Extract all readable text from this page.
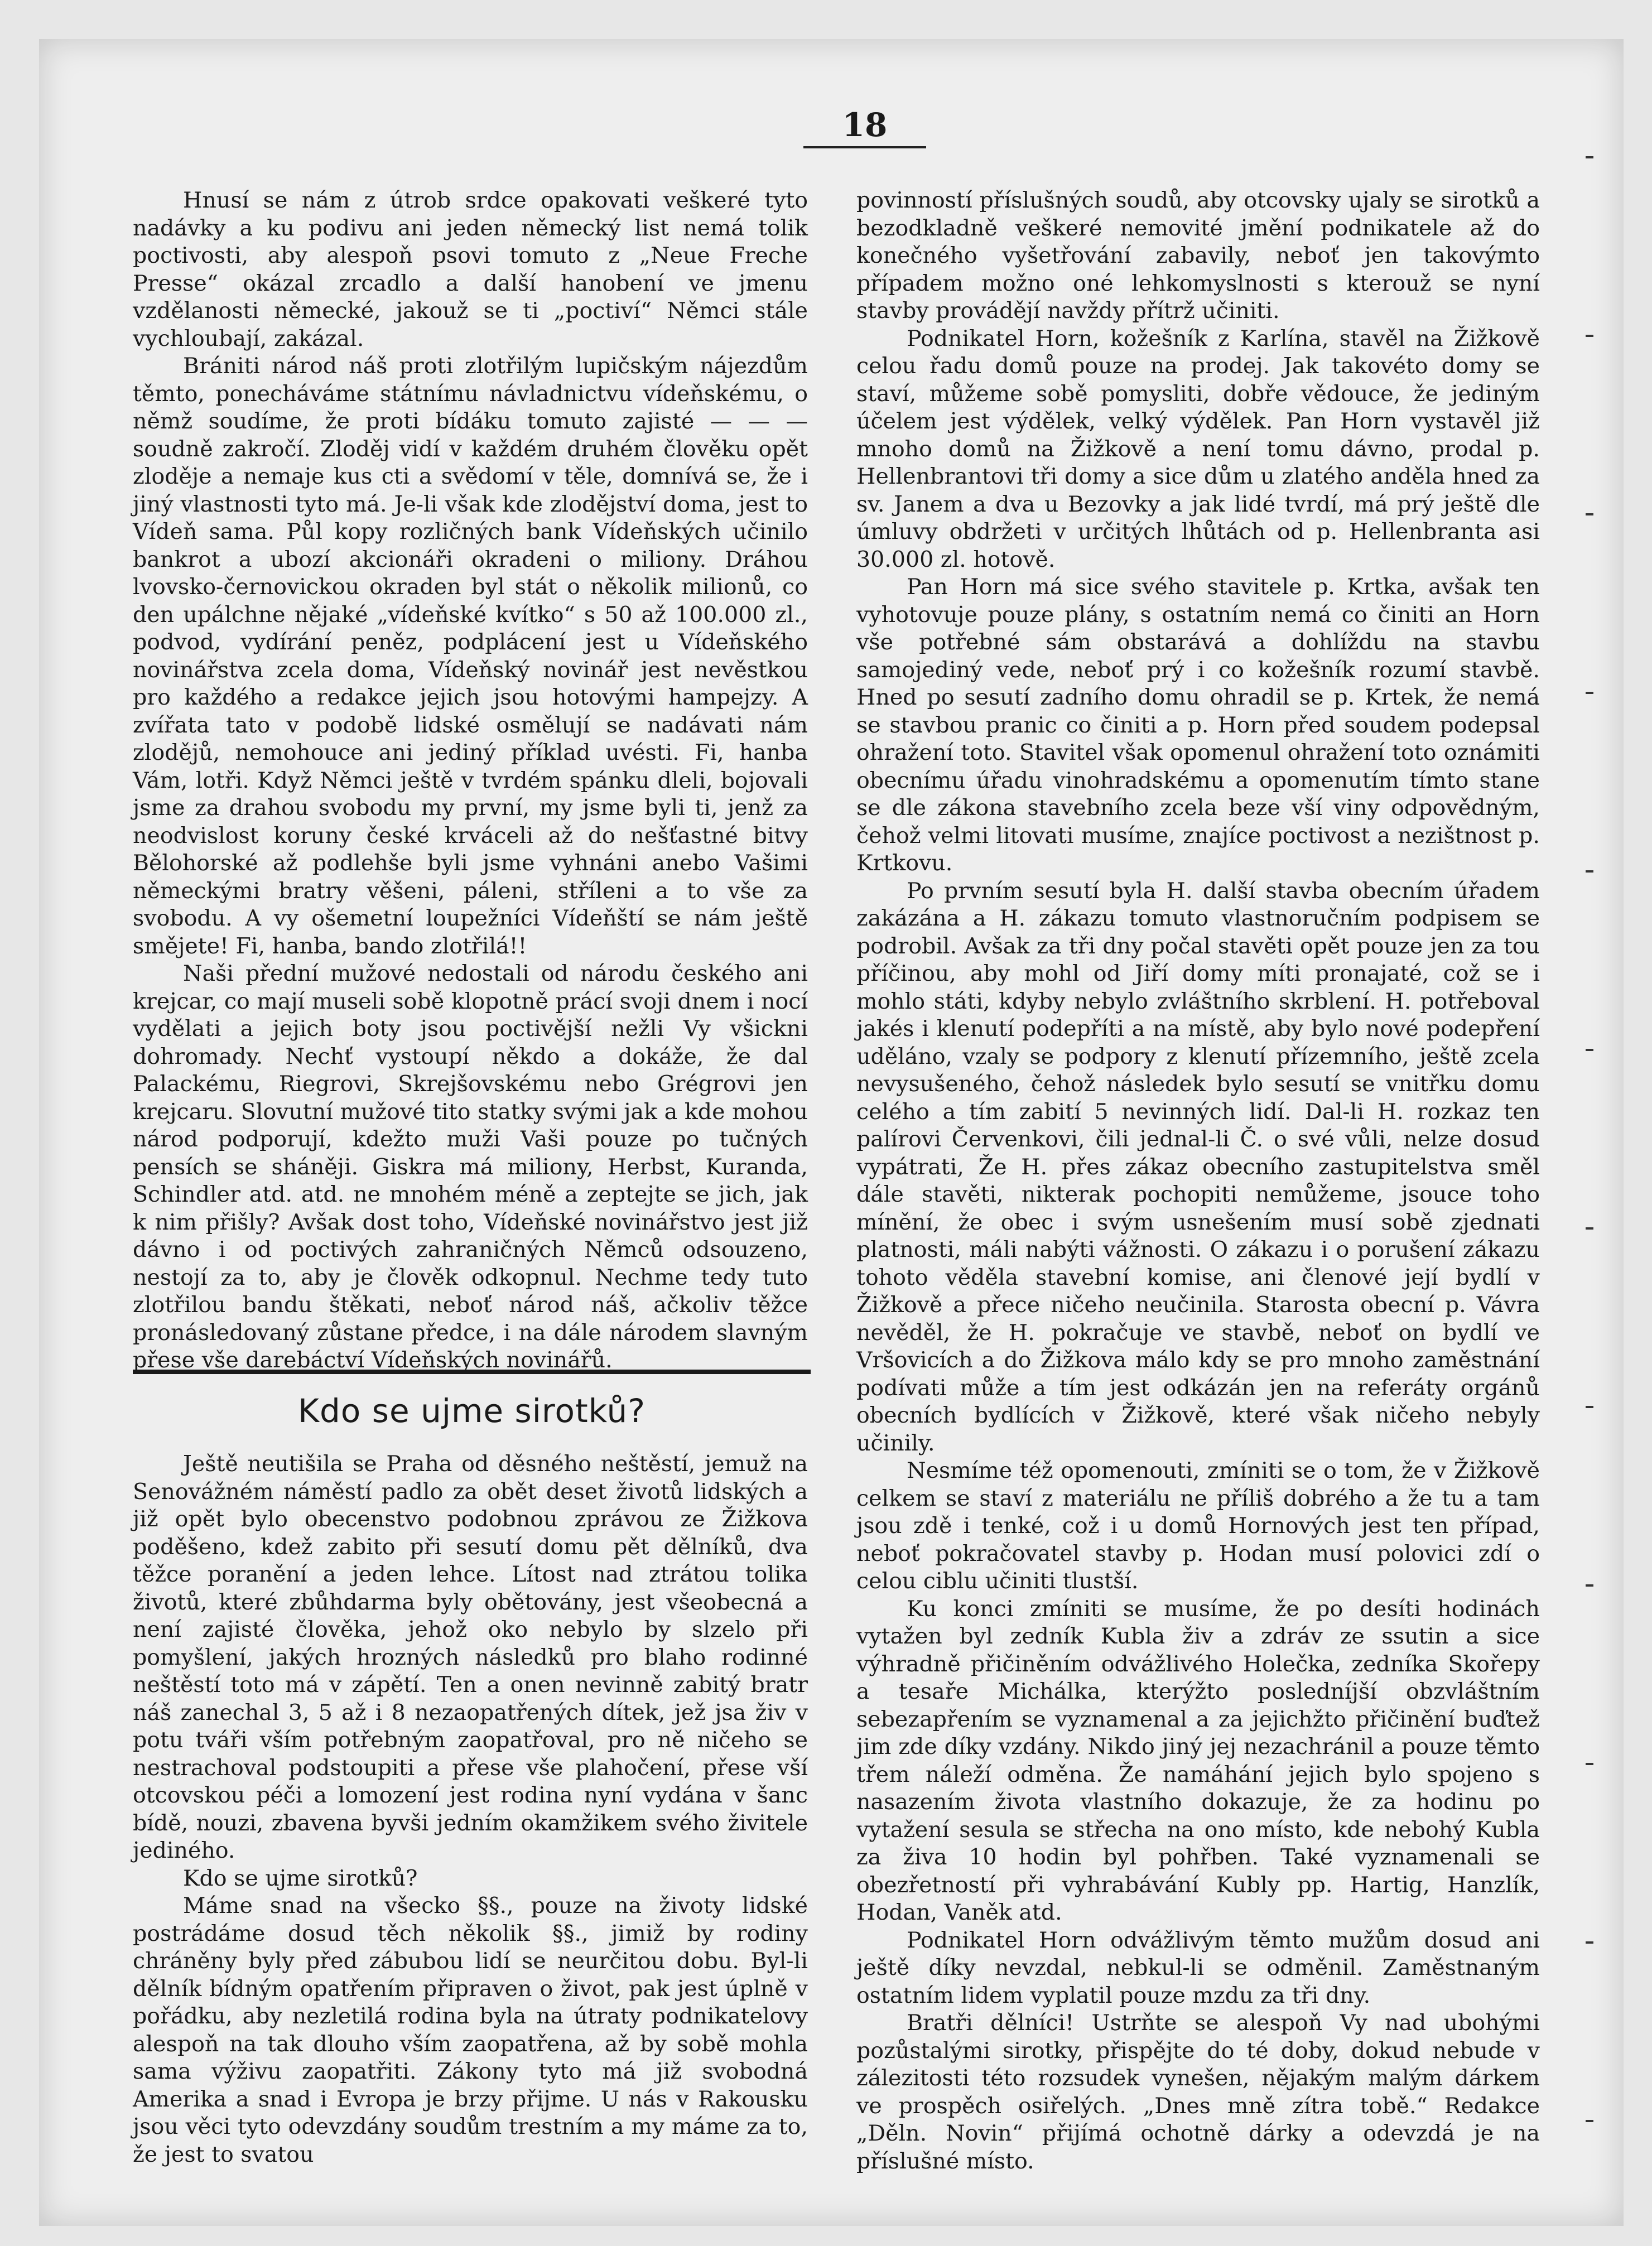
18

Hnusí se nám z útrob srdce opakovati veškeré tyto nadávky a ku podivu ani jeden německý list nemá tolik poctivosti, aby alespoň psovi tomuto z „Neue Freche Presse“ okázal zrcadlo a další hanobení ve jmenu vzdělanosti německé, jakouž se ti „poctiví“ Němci stále vychloubají, zakázal.

Brániti národ náš proti zlotřilým lupičským nájezdům těmto, ponecháváme státnímu návladnictvu vídeňskému, o němž soudíme, že proti bídáku tomuto zajisté — — — soudně zakročí. Zloděj vidí v každém druhém člověku opět zloděje a nemaje kus cti a svědomí v těle, domnívá se, že i jiný vlastnosti tyto má. Je-li však kde zlodějství doma, jest to Vídeň sama. Půl kopy rozličných bank Vídeňských učinilo bankrot a ubozí akcionáři okradeni o miliony. Dráhou lvovsko-černovickou okraden byl stát o několik milionů, co den upálchne nějaké „vídeňské kvítko“ s 50 až 100.000 zl., podvod, vydírání peněz, podplácení jest u Vídeňského novinářstva zcela doma, Vídeňský novinář jest nevěstkou pro každého a redakce jejich jsou hotovými hampejzy. A zvířata tato v podobě lidské osmělují se nadávati nám zlodějů, nemohouce ani jediný příklad uvésti. Fi, hanba Vám, lotři. Když Němci ještě v tvrdém spánku dleli, bojovali jsme za drahou svobodu my první, my jsme byli ti, jenž za neodvislost koruny české krváceli až do nešťastné bitvy Bělohorské až podlehše byli jsme vyhnáni anebo Vašimi německými bratry věšeni, páleni, stříleni a to vše za svobodu. A vy ošemetní loupežníci Vídeňští se nám ještě smějete! Fi, hanba, bando zlotřilá!!

Naši přední mužové nedostali od národu českého ani krejcar, co mají museli sobě klopotně prácí svoji dnem i nocí vydělati a jejich boty jsou poctivější nežli Vy všickni dohromady. Nechť vystoupí někdo a dokáže, že dal Palackému, Riegrovi, Skrejšovskému nebo Grégrovi jen krejcaru. Slovutní mužové tito statky svými jak a kde mohou národ podporují, kdežto muži Vaši pouze po tučných pensích se sháněji. Giskra má miliony, Herbst, Kuranda, Schindler atd. atd. ne mnohém méně a zeptejte se jich, jak k nim přišly? Avšak dost toho, Vídeňské novinářstvo jest již dávno i od poctivých zahraničných Němců odsouzeno, nestojí za to, aby je člověk odkopnul. Nechme tedy tuto zlotřilou bandu štěkati, neboť národ náš, ačkoliv těžce pronásledovaný zůstane předce, i na dále národem slavným přese vše darebáctví Vídeňských novinářů.

Kdo se ujme sirotků?

Ještě neutišila se Praha od děsného neštěstí, jemuž na Senovážném náměstí padlo za obět deset životů lidských a již opět bylo obecenstvo podobnou zprávou ze Žižkova poděšeno, kdež zabito při sesutí domu pět dělníků, dva těžce poranění a jeden lehce. Lítost nad ztrátou tolika životů, které zbůhdarma byly obětovány, jest všeobecná a není zajisté člověka, jehož oko nebylo by slzelo při pomyšlení, jakých hrozných následků pro blaho rodinné neštěstí toto má v zápětí. Ten a onen nevinně zabitý bratr náš zanechal 3, 5 až i 8 nezaopatřených dítek, jež jsa živ v potu tváři vším potřebným zaopatřoval, pro ně ničeho se nestrachoval podstoupiti a přese vše plahočení, přese vší otcovskou péči a lomození jest rodina nyní vydána v šanc bídě, nouzi, zbavena byvši jedním okamžikem svého živitele jediného.

Kdo se ujme sirotků?

Máme snad na všecko §§., pouze na životy lidské postrádáme dosud těch několik §§., jimiž by rodiny chráněny byly před zábubou lidí se neurčitou dobu. Byl-li dělník bídným opatřením připraven o život, pak jest úplně v pořádku, aby nezletilá rodina byla na útraty podnikatelovy alespoň na tak dlouho vším zaopatřena, až by sobě mohla sama výživu zaopatřiti. Zákony tyto má již svobodná Amerika a snad i Evropa je brzy přijme. U nás v Rakousku jsou věci tyto odevzdány soudům trestním a my máme za to, že jest to svatou

povinností příslušných soudů, aby otcovsky ujaly se sirotků a bezodkladně veškeré nemovité jmění podnikatele až do konečného vyšetřování zabavily, neboť jen takovýmto případem možno oné lehkomyslnosti s kterouž se nyní stavby provádějí navždy přítrž učiniti.

Podnikatel Horn, kožešník z Karlína, stavěl na Žižkově celou řadu domů pouze na prodej. Jak takovéto domy se staví, můžeme sobě pomysliti, dobře vědouce, že jediným účelem jest výdělek, velký výdělek. Pan Horn vystavěl již mnoho domů na Žižkově a není tomu dávno, prodal p. Hellenbrantovi tři domy a sice dům u zlatého anděla hned za sv. Janem a dva u Bezovky a jak lidé tvrdí, má prý ještě dle úmluvy obdržeti v určitých lhůtách od p. Hellenbranta asi 30.000 zl. hotově.

Pan Horn má sice svého stavitele p. Krtka, avšak ten vyhotovuje pouze plány, s ostatním nemá co činiti an Horn vše potřebné sám obstarává a dohlíždu na stavbu samojediný vede, neboť prý i co kožešník rozumí stavbě. Hned po sesutí zadního domu ohradil se p. Krtek, že nemá se stavbou pranic co činiti a p. Horn před soudem podepsal ohražení toto. Stavitel však opomenul ohražení toto oznámiti obecnímu úřadu vinohradskému a opomenutím tímto stane se dle zákona stavebního zcela beze vší viny odpovědným, čehož velmi litovati musíme, znajíce poctivost a nezištnost p. Krtkovu.

Po prvním sesutí byla H. další stavba obecním úřadem zakázána a H. zákazu tomuto vlastnoručním podpisem se podrobil. Avšak za tři dny počal stavěti opět pouze jen za tou příčinou, aby mohl od Jiří domy míti pronajaté, což se i mohlo státi, kdyby nebylo zvláštního skrblení. H. potřeboval jakés i klenutí podepříti a na místě, aby bylo nové podepření uděláno, vzaly se podpory z klenutí přízemního, ještě zcela nevysušeného, čehož následek bylo sesutí se vnitřku domu celého a tím zabití 5 nevinných lidí. Dal-li H. rozkaz ten palírovi Červenkovi, čili jednal-li Č. o své vůli, nelze dosud vypátrati, Že H. přes zákaz obecního zastupitelstva směl dále stavěti, nikterak pochopiti nemůžeme, jsouce toho mínění, že obec i svým usnešením musí sobě zjednati platnosti, máli nabýti vážnosti. O zákazu i o porušení zákazu tohoto věděla stavební komise, ani členové její bydlí v Žižkově a přece ničeho neučinila. Starosta obecní p. Vávra nevěděl, že H. pokračuje ve stavbě, neboť on bydlí ve Vršovicích a do Žižkova málo kdy se pro mnoho zaměstnání podívati může a tím jest odkázán jen na referáty orgánů obecních bydlících v Žižkově, které však ničeho nebyly učinily.

Nesmíme též opomenouti, zmíniti se o tom, že v Žižkově celkem se staví z materiálu ne příliš dobrého a že tu a tam jsou zdě i tenké, což i u domů Hornových jest ten případ, neboť pokračovatel stavby p. Hodan musí polovici zdí o celou ciblu učiniti tlustší.

Ku konci zmíniti se musíme, že po desíti hodinách vytažen byl zedník Kubla živ a zdráv ze ssutin a sice výhradně přičiněním odvážlivého Holečka, zedníka Skořepy a tesaře Michálka, kterýžto posledníjší obzvláštním sebezapřením se vyznamenal a za jejichžto přičinění buďtež jim zde díky vzdány. Nikdo jiný jej nezachránil a pouze těmto třem náleží odměna. Že namáhání jejich bylo spojeno s nasazením života vlastního dokazuje, že za hodinu po vytažení sesula se střecha na ono místo, kde nebohý Kubla za živa 10 hodin byl pohřben. Také vyznamenali se obezřetností při vyhrabávání Kubly pp. Hartig, Hanzlík, Hodan, Vaněk atd.

Podnikatel Horn odvážlivým těmto mužům dosud ani ještě díky nevzdal, nebkul-li se odměnil. Zaměstnaným ostatním lidem vyplatil pouze mzdu za tři dny.

Bratři dělníci! Ustrňte se alespoň Vy nad ubohými pozůstalými sirotky, přispějte do té doby, dokud nebude v zálezitosti této rozsudek vynešen, nějakým malým dárkem ve prospěch osiřelých. „Dnes mně zítra tobě.“ Redakce „Děln. Novin“ přijímá ochotně dárky a odevzdá je na příslušné místo.
